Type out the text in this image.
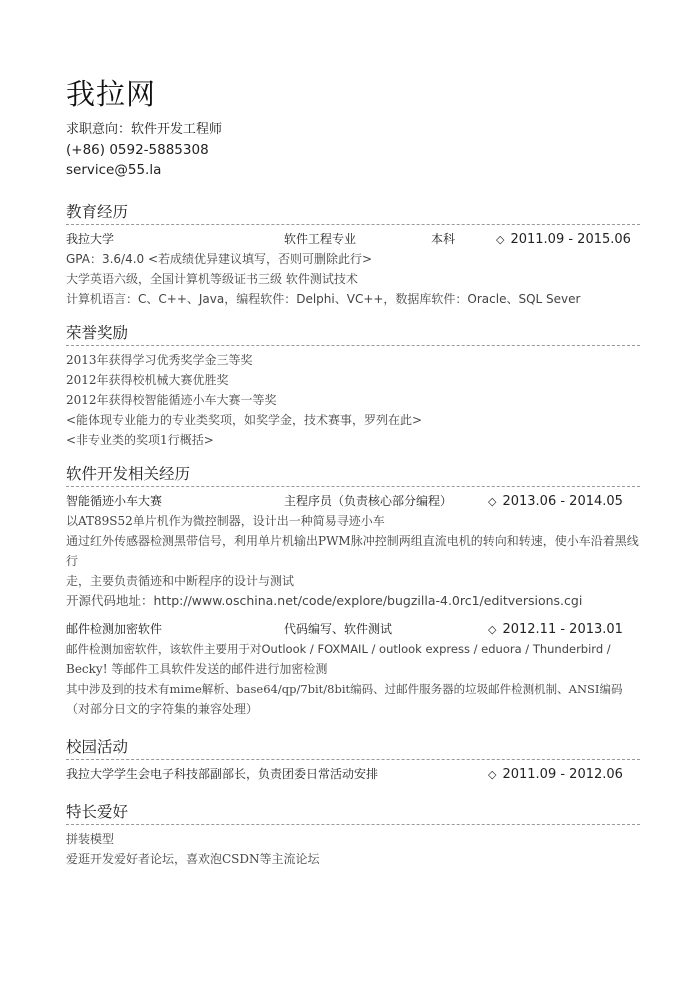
我拉网
求职意向：软件开发工程师
(+86) 0592-5885308
service@55.la
教育经历
我拉大学	软件工程专业	本科	◇ 2011.09 - 2015.06
GPA：3.6/4.0 <若成绩优异建议填写，否则可删除此行>
大学英语六级，全国计算机等级证书三级 软件测试技术
计算机语言：C、C++、Java，编程软件：Delphi、VC++，数据库软件：Oracle、SQL Sever
荣誉奖励
2013年获得学习优秀奖学金三等奖
2012年获得校机械大赛优胜奖
2012年获得校智能循迹小车大赛一等奖
<能体现专业能力的专业类奖项，如奖学金，技术赛事，罗列在此>
<非专业类的奖项1行概括>
软件开发相关经历
智能循迹小车大赛	主程序员（负责核心部分编程）	◇ 2013.06 - 2014.05
以AT89S52单片机作为微控制器，设计出一种简易寻迹小车
通过红外传感器检测黑带信号，利用单片机输出PWM脉冲控制两组直流电机的转向和转速，使小车沿着黑线行
走，主要负责循迹和中断程序的设计与测试
开源代码地址：http://www.oschina.net/code/explore/bugzilla-4.0rc1/editversions.cgi
邮件检测加密软件	代码编写、软件测试	◇ 2012.11 - 2013.01
邮件检测加密软件，该软件主要用于对Outlook / FOXMAIL / outlook express / eduora / Thunderbird /
Becky! 等邮件工具软件发送的邮件进行加密检测
其中涉及到的技术有mime解析、base64/qp/7bit/8bit编码、过邮件服务器的垃圾邮件检测机制、ANSI编码
（对部分日文的字符集的兼容处理）
校园活动
我拉大学学生会电子科技部副部长，负责团委日常活动安排	◇ 2011.09 - 2012.06
特长爱好
拼装模型
爱逛开发爱好者论坛，喜欢泡CSDN等主流论坛
